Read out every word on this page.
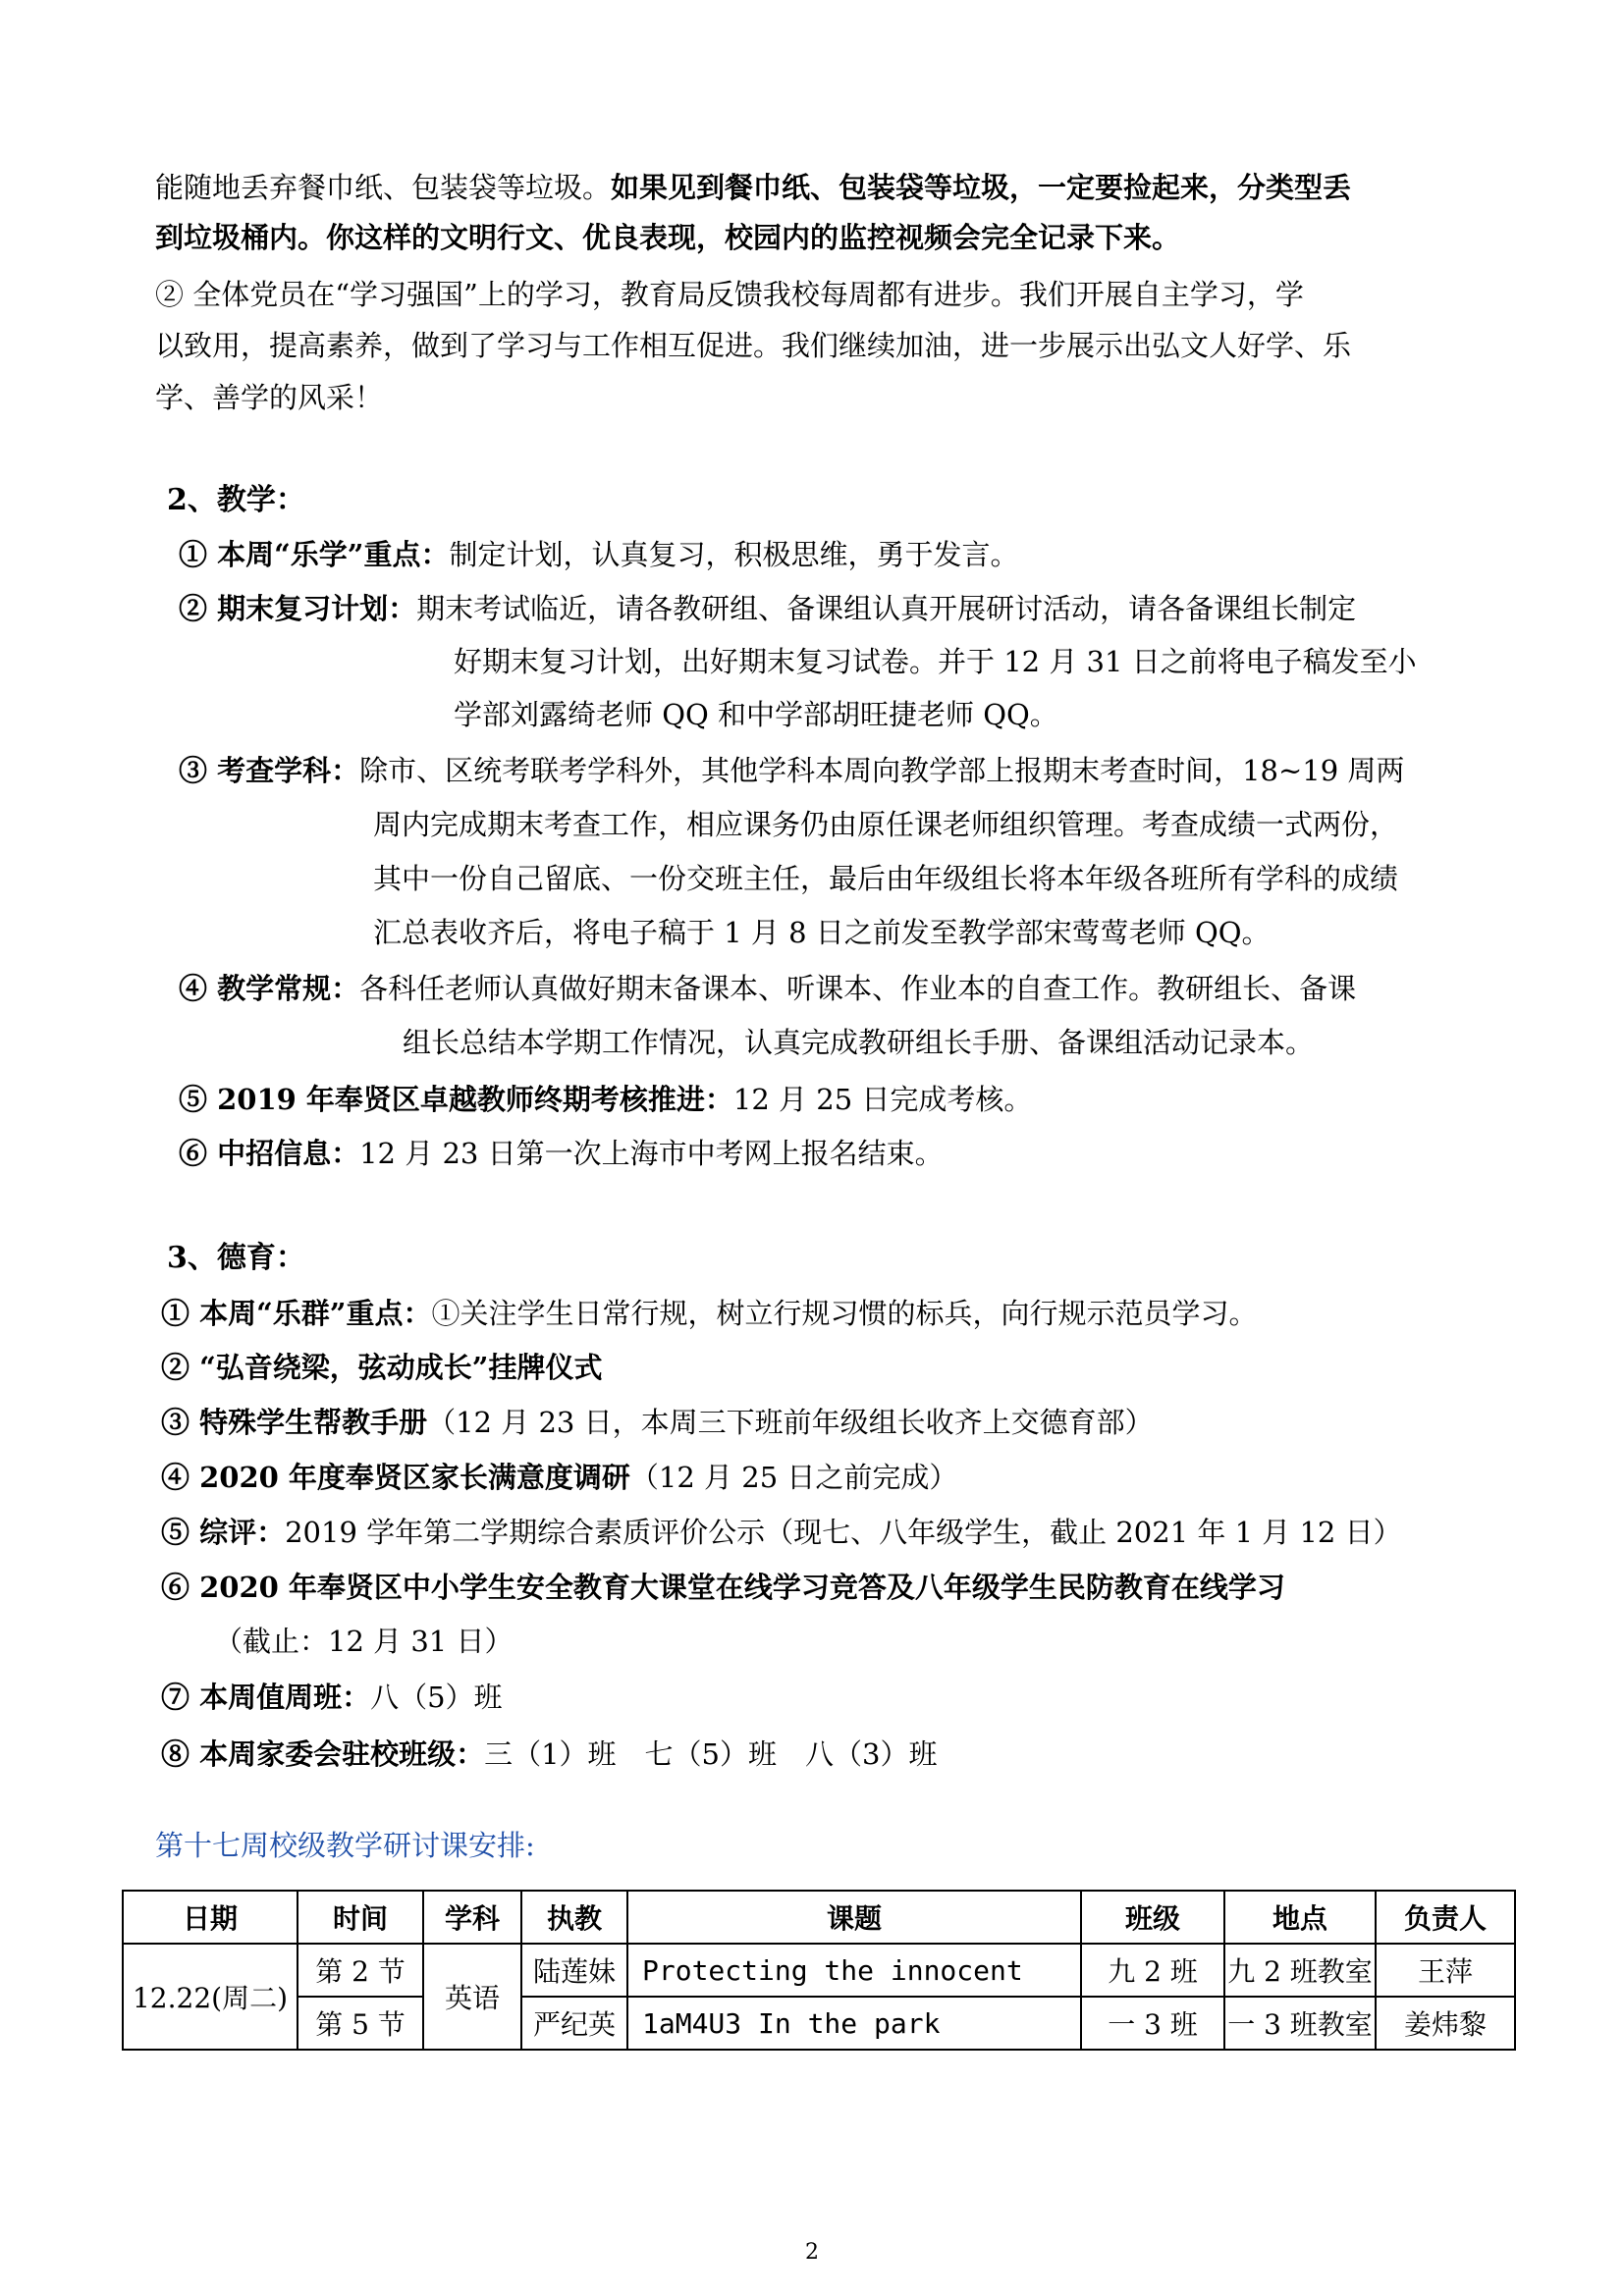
能随地丢弃餐巾纸、包装袋等垃圾。如果见到餐巾纸、包装袋等垃圾，一定要捡起来，分类型丢
到垃圾桶内。你这样的文明行文、优良表现，校园内的监控视频会完全记录下来。
② 全体党员在“学习强国”上的学习，教育局反馈我校每周都有进步。我们开展自主学习，学
以致用，提高素养，做到了学习与工作相互促进。我们继续加油，进一步展示出弘文人好学、乐
学、善学的风采！
2、教学：
① 本周“乐学”重点：制定计划，认真复习，积极思维，勇于发言。
② 期末复习计划：期末考试临近，请各教研组、备课组认真开展研讨活动，请各备课组长制定
好期末复习计划，出好期末复习试卷。并于 12 月 31 日之前将电子稿发至小
学部刘露绮老师 QQ 和中学部胡旺捷老师 QQ。
③ 考查学科：除市、区统考联考学科外，其他学科本周向教学部上报期末考查时间，18~19 周两
周内完成期末考查工作，相应课务仍由原任课老师组织管理。考查成绩一式两份，
其中一份自己留底、一份交班主任，最后由年级组长将本年级各班所有学科的成绩
汇总表收齐后，将电子稿于 1 月 8 日之前发至教学部宋莺莺老师 QQ。
④ 教学常规：各科任老师认真做好期末备课本、听课本、作业本的自查工作。教研组长、备课
组长总结本学期工作情况，认真完成教研组长手册、备课组活动记录本。
⑤ 2019 年奉贤区卓越教师终期考核推进：12 月 25 日完成考核。
⑥ 中招信息：12 月 23 日第一次上海市中考网上报名结束。
3、德育：
① 本周“乐群”重点：①关注学生日常行规，树立行规习惯的标兵，向行规示范员学习。
② “弘音绕梁，弦动成长”挂牌仪式
③ 特殊学生帮教手册（12 月 23 日，本周三下班前年级组长收齐上交德育部）
④ 2020 年度奉贤区家长满意度调研（12 月 25 日之前完成）
⑤ 综评：2019 学年第二学期综合素质评价公示（现七、八年级学生，截止 2021 年 1 月 12 日）
⑥ 2020 年奉贤区中小学生安全教育大课堂在线学习竞答及八年级学生民防教育在线学习
（截止：12 月 31 日）
⑦ 本周值周班：八（5）班
⑧ 本周家委会驻校班级：三（1）班　七（5）班　八（3）班
第十七周校级教学研讨课安排:
日期	时间	学科	执教	课题	班级	地点	负责人
12.22(周二)	第 2 节	英语	陆莲妹	Protecting the innocent	九 2 班	九 2 班教室	王萍
	第 5 节		严纪英	1aM4U3 In the park	一 3 班	一 3 班教室	姜炜黎
2
